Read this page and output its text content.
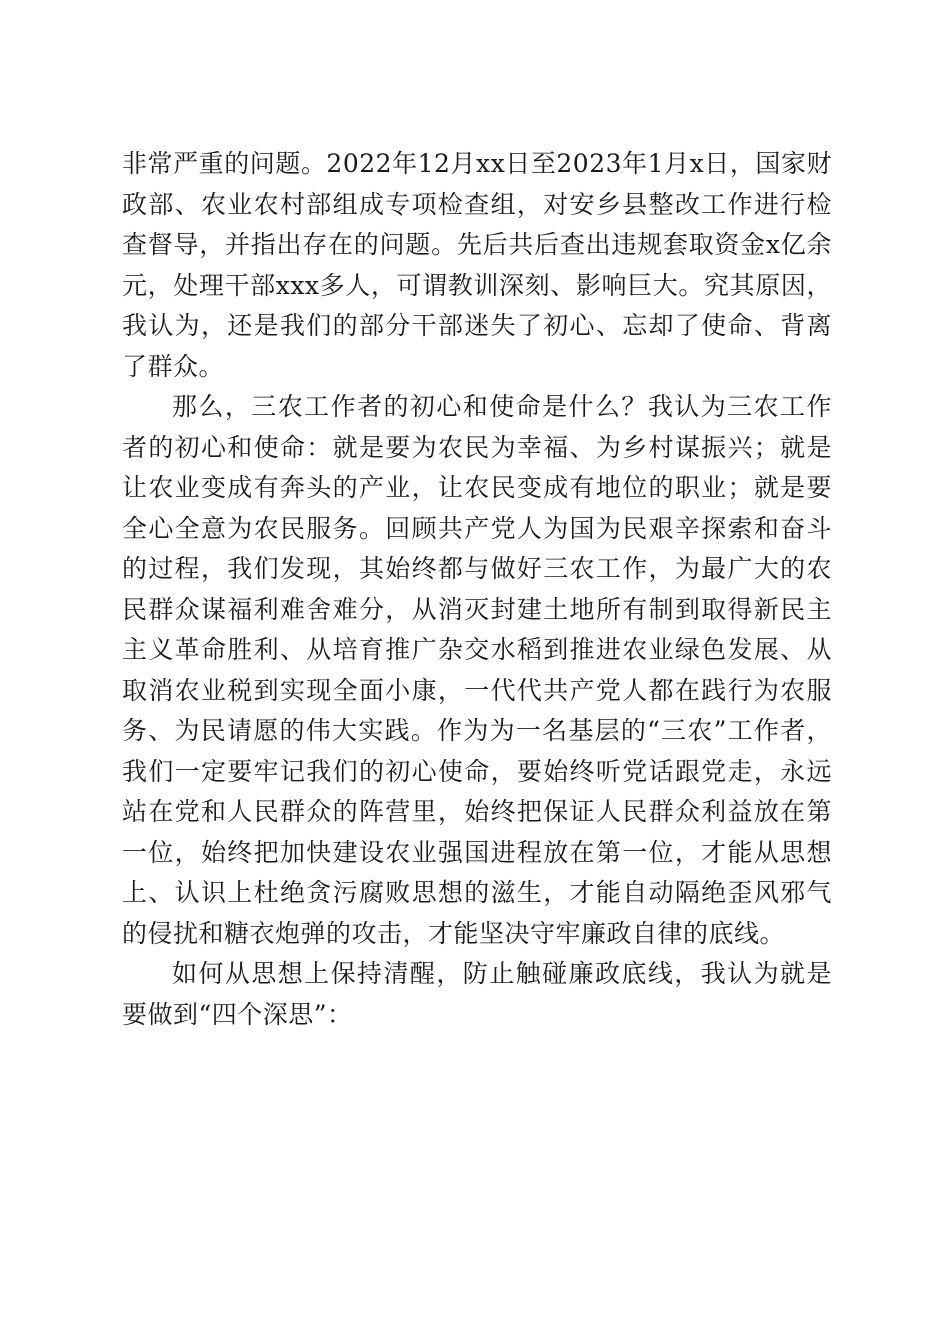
非常严重的问题。2022年12月xx日至2023年1月x日，国家财政部、农业农村部组成专项检查组，对安乡县整改工作进行检查督导，并指出存在的问题。先后共后查出违规套取资金x亿余元，处理干部xxx多人，可谓教训深刻、影响巨大。究其原因，我认为，还是我们的部分干部迷失了初心、忘却了使命、背离了群众。

那么，三农工作者的初心和使命是什么？我认为三农工作者的初心和使命：就是要为农民为幸福、为乡村谋振兴；就是让农业变成有奔头的产业，让农民变成有地位的职业；就是要全心全意为农民服务。回顾共产党人为国为民艰辛探索和奋斗的过程，我们发现，其始终都与做好三农工作，为最广大的农民群众谋福利难舍难分，从消灭封建土地所有制到取得新民主主义革命胜利、从培育推广杂交水稻到推进农业绿色发展、从取消农业税到实现全面小康，一代代共产党人都在践行为农服务、为民请愿的伟大实践。作为为一名基层的“三农”工作者，我们一定要牢记我们的初心使命，要始终听党话跟党走，永远站在党和人民群众的阵营里，始终把保证人民群众利益放在第一位，始终把加快建设农业强国进程放在第一位，才能从思想上、认识上杜绝贪污腐败思想的滋生，才能自动隔绝歪风邪气的侵扰和糖衣炮弹的攻击，才能坚决守牢廉政自律的底线。

如何从思想上保持清醒，防止触碰廉政底线，我认为就是要做到“四个深思”：
